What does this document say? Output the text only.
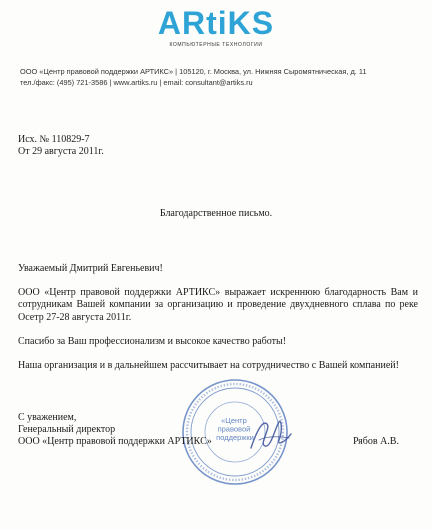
ARtiKS
КОМПЬЮТЕРНЫЕ ТЕХНОЛОГИИ
ООО «Центр правовой поддержки АРТИКС» | 105120, г. Москва, ул. Нижняя Сыромятническая, д. 11
тел./факс: (495) 721-3586 | www.artiks.ru | email: consultant@artiks.ru
Исх. № 110829-7
От 29 августа 2011г.
Благодарственное письмо.
Уважаемый Дмитрий Евгеньевич!
ООО «Центр правовой поддержки АРТИКС» выражает искреннюю благодарность Вам и сотрудникам Вашей компании за организацию и проведение двухдневного сплава по реке Осетр 27-28 августа 2011г.
Спасибо за Ваш профессионализм и высокое качество работы!
Наша организация и в дальнейшем рассчитывает на сотрудничество с Вашей компанией!
«Центр правовой поддержки
С уважением,
Генеральный директор
ООО «Центр правовой поддержки АРТИКС»	Рябов А.В.
